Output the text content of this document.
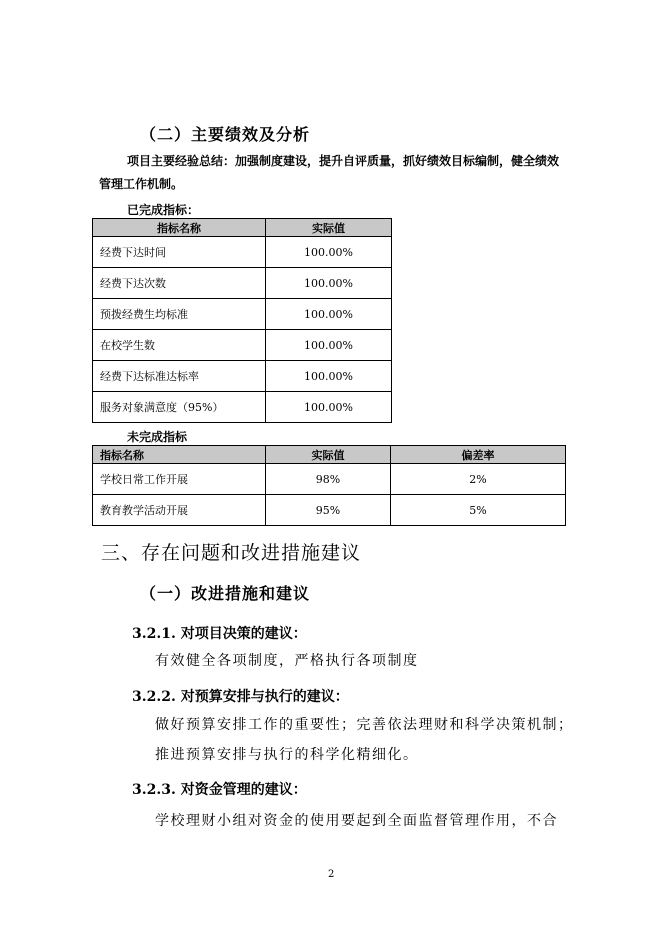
（二）主要绩效及分析
项目主要经验总结：加强制度建设，提升自评质量，抓好绩效目标编制，健全绩效
管理工作机制。
已完成指标：
指标名称	实际值
经费下达时间	100.00%
经费下达次数	100.00%
预拨经费生均标准	100.00%
在校学生数	100.00%
经费下达标准达标率	100.00%
服务对象满意度（95%）	100.00%
未完成指标
指标名称	实际值	偏差率
学校日常工作开展	98%	2%
教育教学活动开展	95%	5%
三、存在问题和改进措施建议
（一）改进措施和建议
3.2.1. 对项目决策的建议：
有效健全各项制度，严格执行各项制度
3.2.2. 对预算安排与执行的建议：
做好预算安排工作的重要性；完善依法理财和科学决策机制；
推进预算安排与执行的科学化精细化。
3.2.3. 对资金管理的建议：
学校理财小组对资金的使用要起到全面监督管理作用，不合
2
